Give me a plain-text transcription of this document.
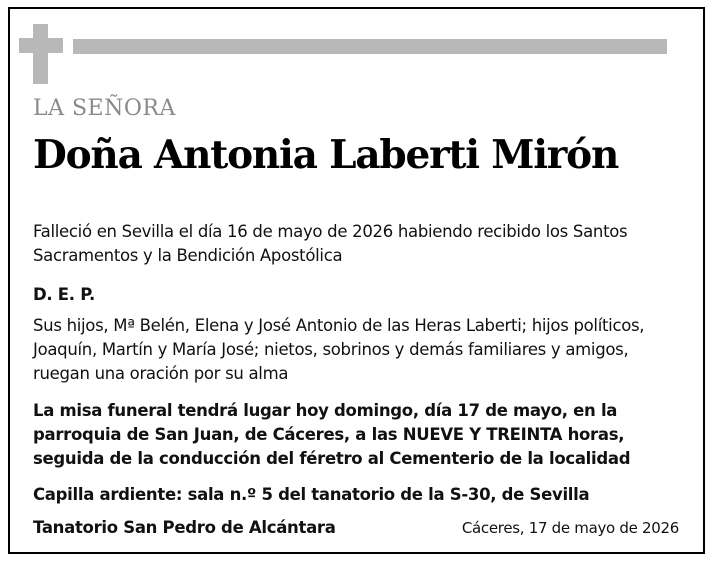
LA SEÑORA
Doña Antonia Laberti Mirón
Falleció en Sevilla el día 16 de mayo de 2026 habiendo recibido los Santos Sacramentos y la Bendición Apostólica
D. E. P.
Sus hijos, Mª Belén, Elena y José Antonio de las Heras Laberti; hijos políticos, Joaquín, Martín y María José; nietos, sobrinos y demás familiares y amigos, ruegan una oración por su alma
La misa funeral tendrá lugar hoy domingo, día 17 de mayo, en la parroquia de San Juan, de Cáceres, a las NUEVE Y TREINTA horas, seguida de la conducción del féretro al Cementerio de la localidad
Capilla ardiente: sala n.º 5 del tanatorio de la S-30, de Sevilla
Tanatorio San Pedro de Alcántara	Cáceres, 17 de mayo de 2026
